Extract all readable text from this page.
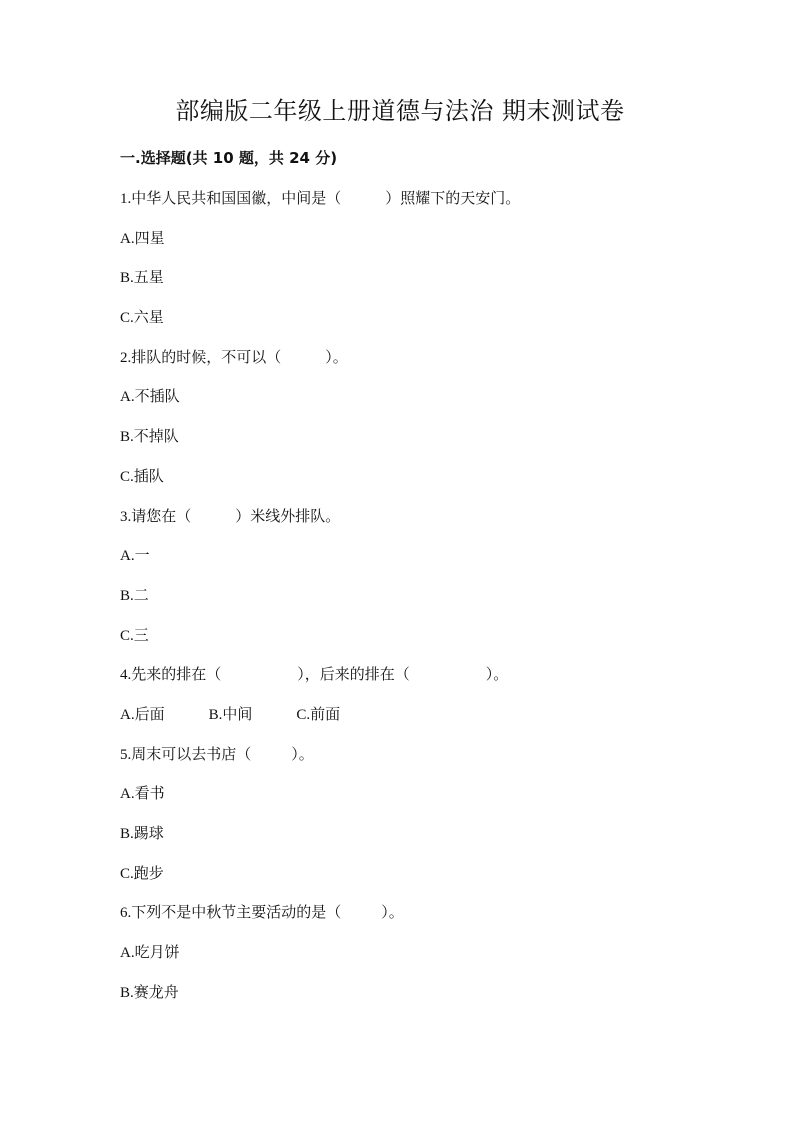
部编版二年级上册道德与法治 期末测试卷
一.选择题(共 10 题，共 24 分)
1.中华人民共和国国徽，中间是（	）照耀下的天安门。
A.四星
B.五星
C.六星
2.排队的时候，不可以（	）。
A.不插队
B.不掉队
C.插队
3.请您在（	）米线外排队。
A.一
B.二
C.三
4.先来的排在（	），后来的排在（	）。
A.后面	B.中间	C.前面
5.周末可以去书店（	）。
A.看书
B.踢球
C.跑步
6.下列不是中秋节主要活动的是（	）。
A.吃月饼
B.赛龙舟
